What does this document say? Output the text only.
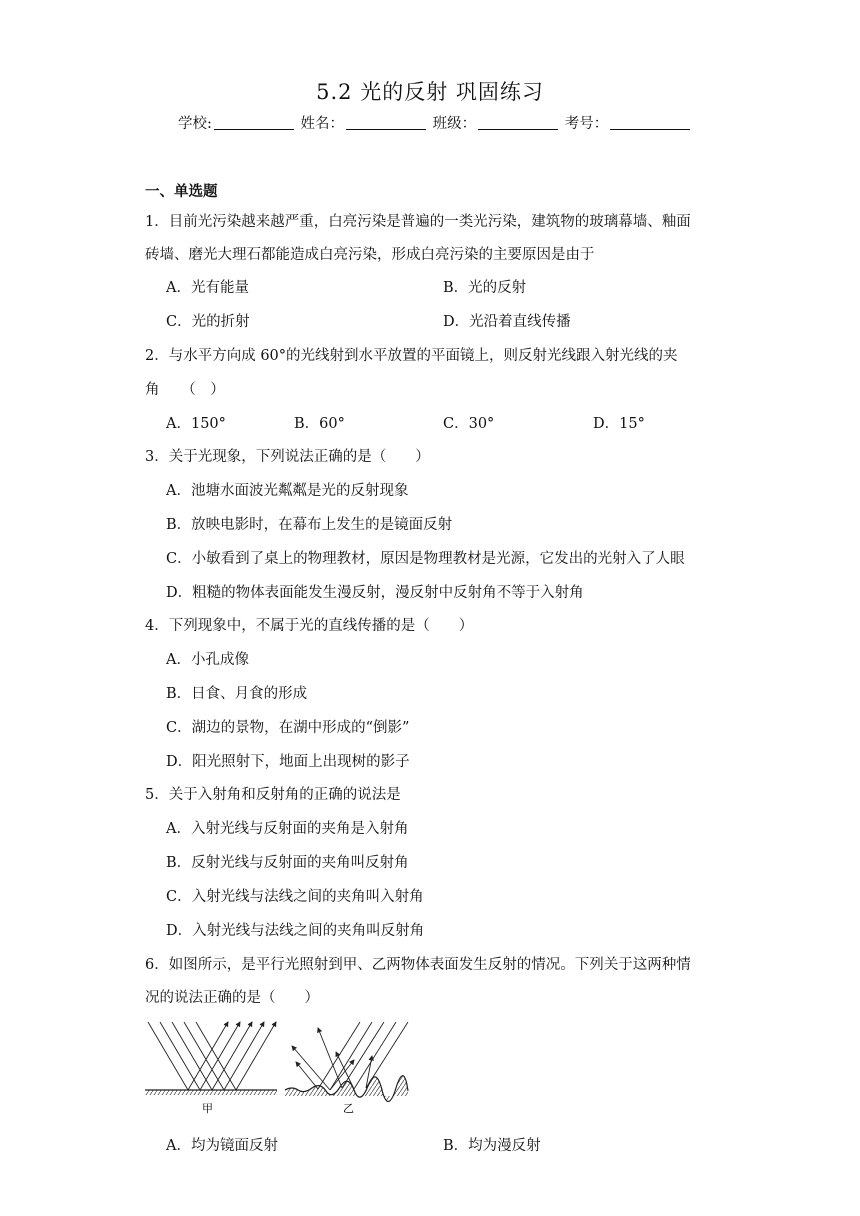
5.2 光的反射 巩固练习
学校:	姓名：	班级：	考号：
一、单选题
1．目前光污染越来越严重，白亮污染是普遍的一类光污染，建筑物的玻璃幕墙、釉面
砖墙、磨光大理石都能造成白亮污染，形成白亮污染的主要原因是由于
A．光有能量	B．光的反射
C．光的折射	D．光沿着直线传播
2．与水平方向成 60°的光线射到水平放置的平面镜上，则反射光线跟入射光线的夹
角　　（　）
A．150°	B．60°	C．30°	D．15°
3．关于光现象，下列说法正确的是（　　）
A．池塘水面波光粼粼是光的反射现象
B．放映电影时，在幕布上发生的是镜面反射
C．小敏看到了桌上的物理教材，原因是物理教材是光源，它发出的光射入了人眼
D．粗糙的物体表面能发生漫反射，漫反射中反射角不等于入射角
4．下列现象中，不属于光的直线传播的是（　　）
A．小孔成像
B．日食、月食的形成
C．湖边的景物，在湖中形成的“倒影”
D．阳光照射下，地面上出现树的影子
5．关于入射角和反射角的正确的说法是
A．入射光线与反射面的夹角是入射角
B．反射光线与反射面的夹角叫反射角
C．入射光线与法线之间的夹角叫入射角
D．入射光线与法线之间的夹角叫反射角
6．如图所示，是平行光照射到甲、乙两物体表面发生反射的情况。下列关于这两种情
况的说法正确的是（　　）
甲	乙
A．均为镜面反射	B．均为漫反射
